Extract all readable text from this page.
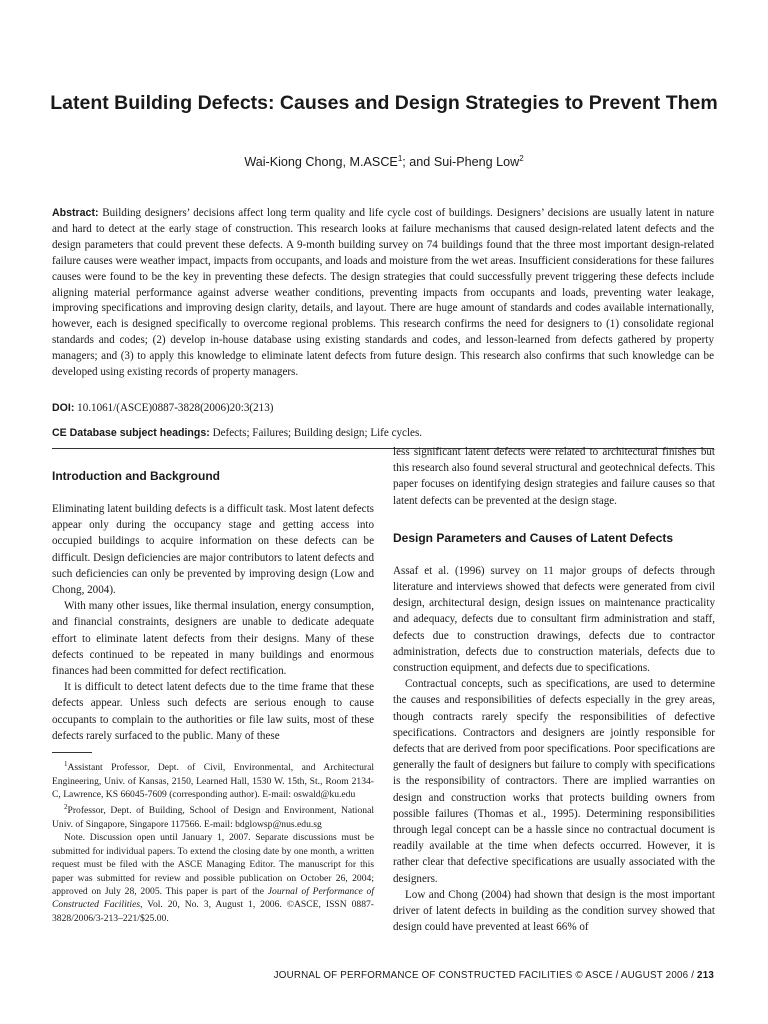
Latent Building Defects: Causes and Design Strategies to Prevent Them
Wai-Kiong Chong, M.ASCE$^1$; and Sui-Pheng Low$^2$

Abstract: Building designers’ decisions affect long term quality and life cycle cost of buildings. Designers’ decisions are usually latent in nature and hard to detect at the early stage of construction. This research looks at failure mechanisms that caused design-related latent defects and the design parameters that could prevent these defects. A 9-month building survey on 74 buildings found that the three most important design-related failure causes were weather impact, impacts from occupants, and loads and moisture from the wet areas. Insufficient considerations for these failures causes were found to be the key in preventing these defects. The design strategies that could successfully prevent triggering these defects include aligning material performance against adverse weather conditions, preventing impacts from occupants and loads, preventing water leakage, improving specifications and improving design clarity, details, and layout. There are huge amount of standards and codes available internationally, however, each is designed specifically to overcome regional problems. This research confirms the need for designers to (1) consolidate regional standards and codes; (2) develop in-house database using existing standards and codes, and lesson-learned from defects gathered by property managers; and (3) to apply this knowledge to eliminate latent defects from future design. This research also confirms that such knowledge can be developed using existing records of property managers.

DOI: 10.1061/(ASCE)0887-3828(2006)20:3(213)
CE Database subject headings: Defects; Failures; Building design; Life cycles.
Introduction and Background

Eliminating latent building defects is a difficult task. Most latent defects appear only during the occupancy stage and getting access into occupied buildings to acquire information on these defects can be difficult. Design deficiencies are major contributors to latent defects and such deficiencies can only be prevented by improving design (Low and Chong, 2004).

With many other issues, like thermal insulation, energy consumption, and financial constraints, designers are unable to dedicate adequate effort to eliminate latent defects from their designs. Many of these defects continued to be repeated in many buildings and enormous finances had been committed for defect rectification.

It is difficult to detect latent defects due to the time frame that these defects appear. Unless such defects are serious enough to cause occupants to complain to the authorities or file law suits, most of these defects rarely surfaced to the public. Many of these

$^1$Assistant Professor, Dept. of Civil, Environmental, and Architectural Engineering, Univ. of Kansas, 2150, Learned Hall, 1530 W. 15th, St., Room 2134-C, Lawrence, KS 66045-7609 (corresponding author). E-mail: oswald@ku.edu

$^2$Professor, Dept. of Building, School of Design and Environment, National Univ. of Singapore, Singapore 117566. E-mail: bdglowsp@nus.edu.sg

Note. Discussion open until January 1, 2007. Separate discussions must be submitted for individual papers. To extend the closing date by one month, a written request must be filed with the ASCE Managing Editor. The manuscript for this paper was submitted for review and possible publication on October 26, 2004; approved on July 28, 2005. This paper is part of the Journal of Performance of Constructed Facilities, Vol. 20, No. 3, August 1, 2006. ©ASCE, ISSN 0887-3828/2006/3-213–221/$25.00.

less significant latent defects were related to architectural finishes but this research also found several structural and geotechnical defects. This paper focuses on identifying design strategies and failure causes so that latent defects can be prevented at the design stage.

Design Parameters and Causes of Latent Defects

Assaf et al. (1996) survey on 11 major groups of defects through literature and interviews showed that defects were generated from civil design, architectural design, design issues on maintenance practicality and adequacy, defects due to consultant firm administration and staff, defects due to construction drawings, defects due to contractor administration, defects due to construction materials, defects due to construction equipment, and defects due to specifications.

Contractual concepts, such as specifications, are used to determine the causes and responsibilities of defects especially in the grey areas, though contracts rarely specify the responsibilities of defective specifications. Contractors and designers are jointly responsible for defects that are derived from poor specifications. Poor specifications are generally the fault of designers but failure to comply with specifications is the responsibility of contractors. There are implied warranties on design and construction works that protects building owners from possible failures (Thomas et al., 1995). Determining responsibilities through legal concept can be a hassle since no contractual document is readily available at the time when defects occurred. However, it is rather clear that defective specifications are usually associated with the designers.

Low and Chong (2004) had shown that design is the most important driver of latent defects in building as the condition survey showed that design could have prevented at least 66% of

JOURNAL OF PERFORMANCE OF CONSTRUCTED FACILITIES © ASCE / AUGUST 2006 / 213
